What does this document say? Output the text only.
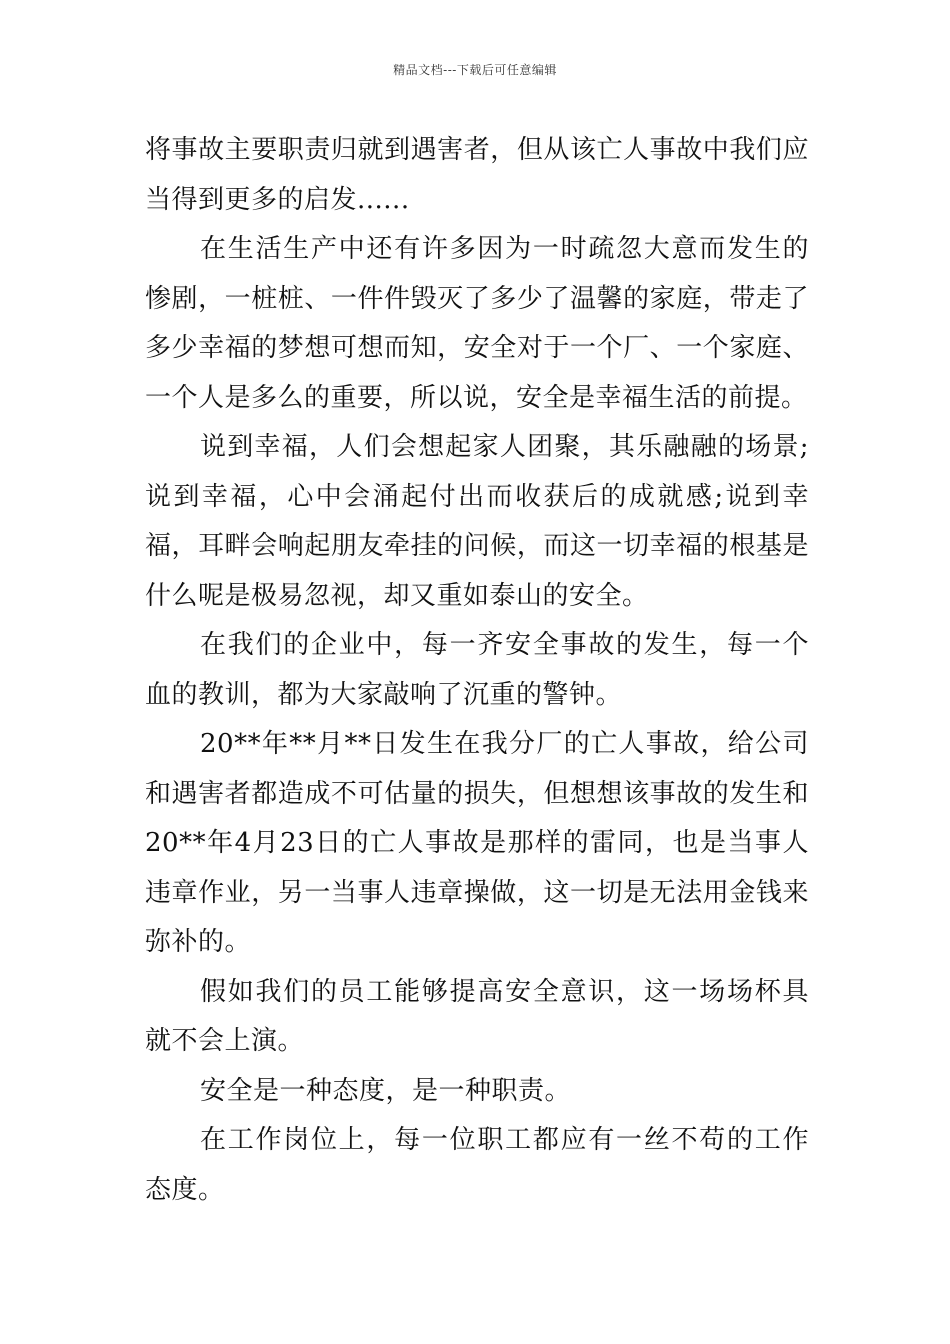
精品文档---下载后可任意编辑

将事故主要职责归就到遇害者，但从该亡人事故中我们应当得到更多的启发......

在生活生产中还有许多因为一时疏忽大意而发生的惨剧，一桩桩、一件件毁灭了多少了温馨的家庭，带走了多少幸福的梦想可想而知，安全对于一个厂、一个家庭、一个人是多么的重要，所以说，安全是幸福生活的前提。

说到幸福，人们会想起家人团聚，其乐融融的场景;说到幸福，心中会涌起付出而收获后的成就感;说到幸福，耳畔会响起朋友牵挂的问候，而这一切幸福的根基是什么呢是极易忽视，却又重如泰山的安全。

在我们的企业中，每一齐安全事故的发生，每一个血的教训，都为大家敲响了沉重的警钟。

20**年**月**日发生在我分厂的亡人事故，给公司和遇害者都造成不可估量的损失，但想想该事故的发生和20**年4月23日的亡人事故是那样的雷同，也是当事人违章作业，另一当事人违章操做，这一切是无法用金钱来弥补的。

假如我们的员工能够提高安全意识，这一场场杯具就不会上演。

安全是一种态度，是一种职责。

在工作岗位上，每一位职工都应有一丝不苟的工作态度。
